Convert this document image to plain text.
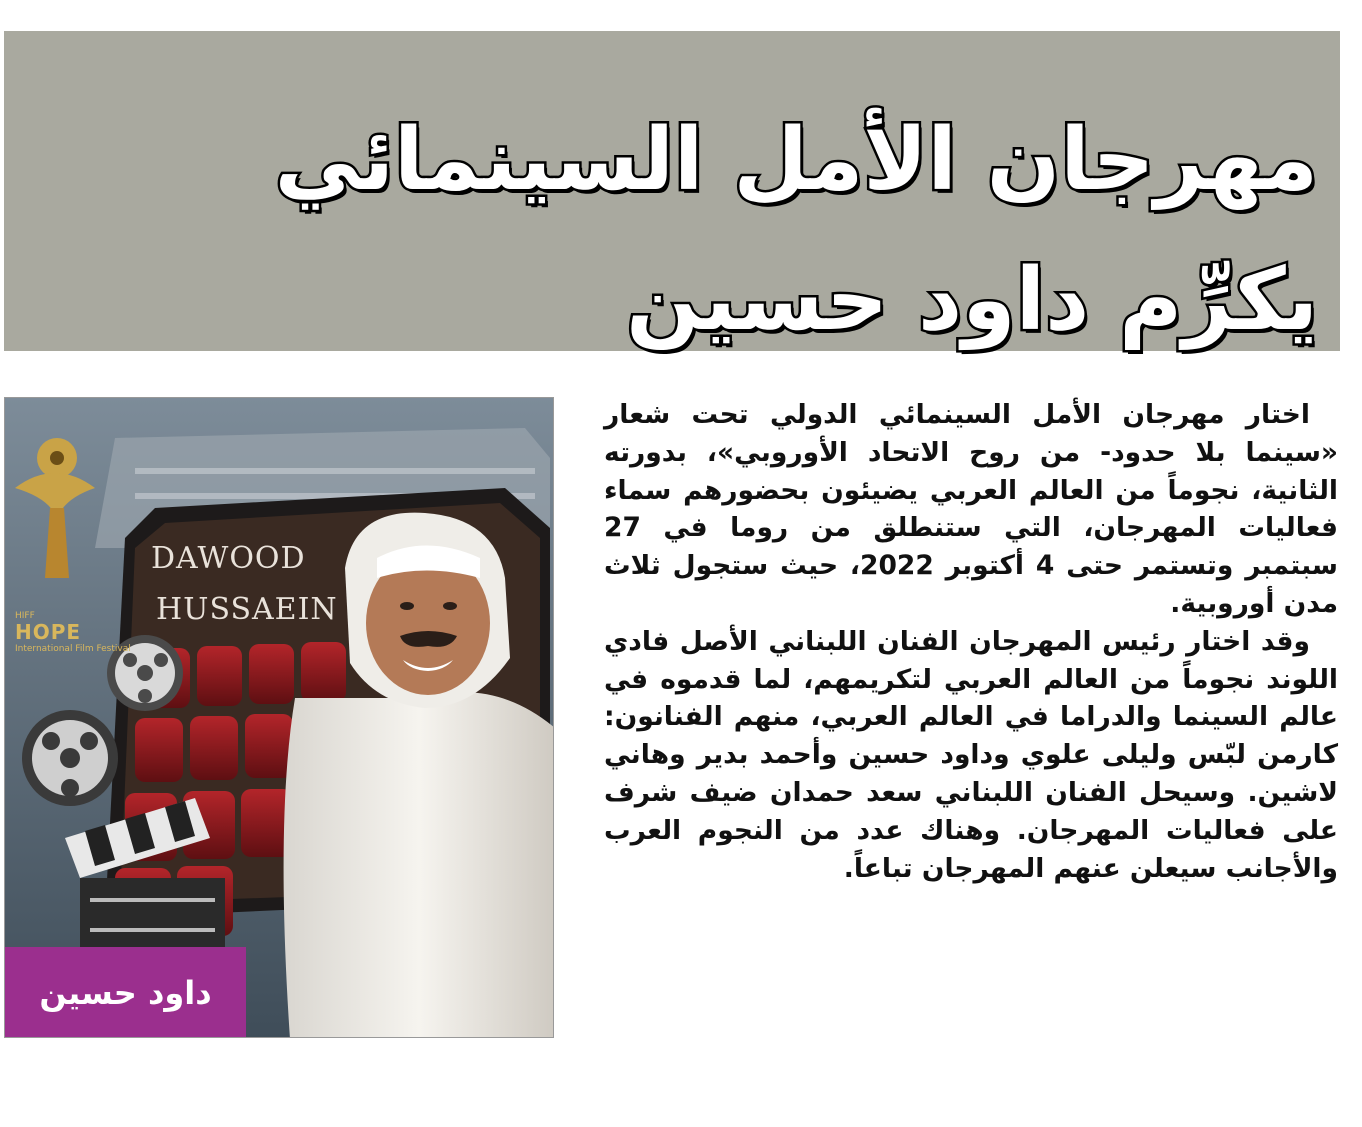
مهرجان الأمل السينمائي
يكرِّم داود حسين
HIFF
HOPE
International Film Festival
DAWOOD
HUSSAEIN
داود حسين

اختار مهرجان الأمل السينمائي الدولي تحت شعار «سينما بلا حدود- من روح الاتحاد الأوروبي»، بدورته الثانية، نجوماً من العالم العربي يضيئون بحضورهم سماء فعاليات المهرجان، التي ستنطلق من روما في 27 سبتمبر وتستمر حتى 4 أكتوبر 2022، حيث ستجول ثلاث مدن أوروبية.

وقد اختار رئيس المهرجان الفنان اللبناني الأصل فادي اللوند نجوماً من العالم العربي لتكريمهم، لما قدموه في عالم السينما والدراما في العالم العربي، منهم الفنانون: كارمن لبّس وليلى علوي وداود حسين وأحمد بدير وهاني لاشين. وسيحل الفنان اللبناني سعد حمدان ضيف شرف على فعاليات المهرجان. وهناك عدد من النجوم العرب والأجانب سيعلن عنهم المهرجان تباعاً.
